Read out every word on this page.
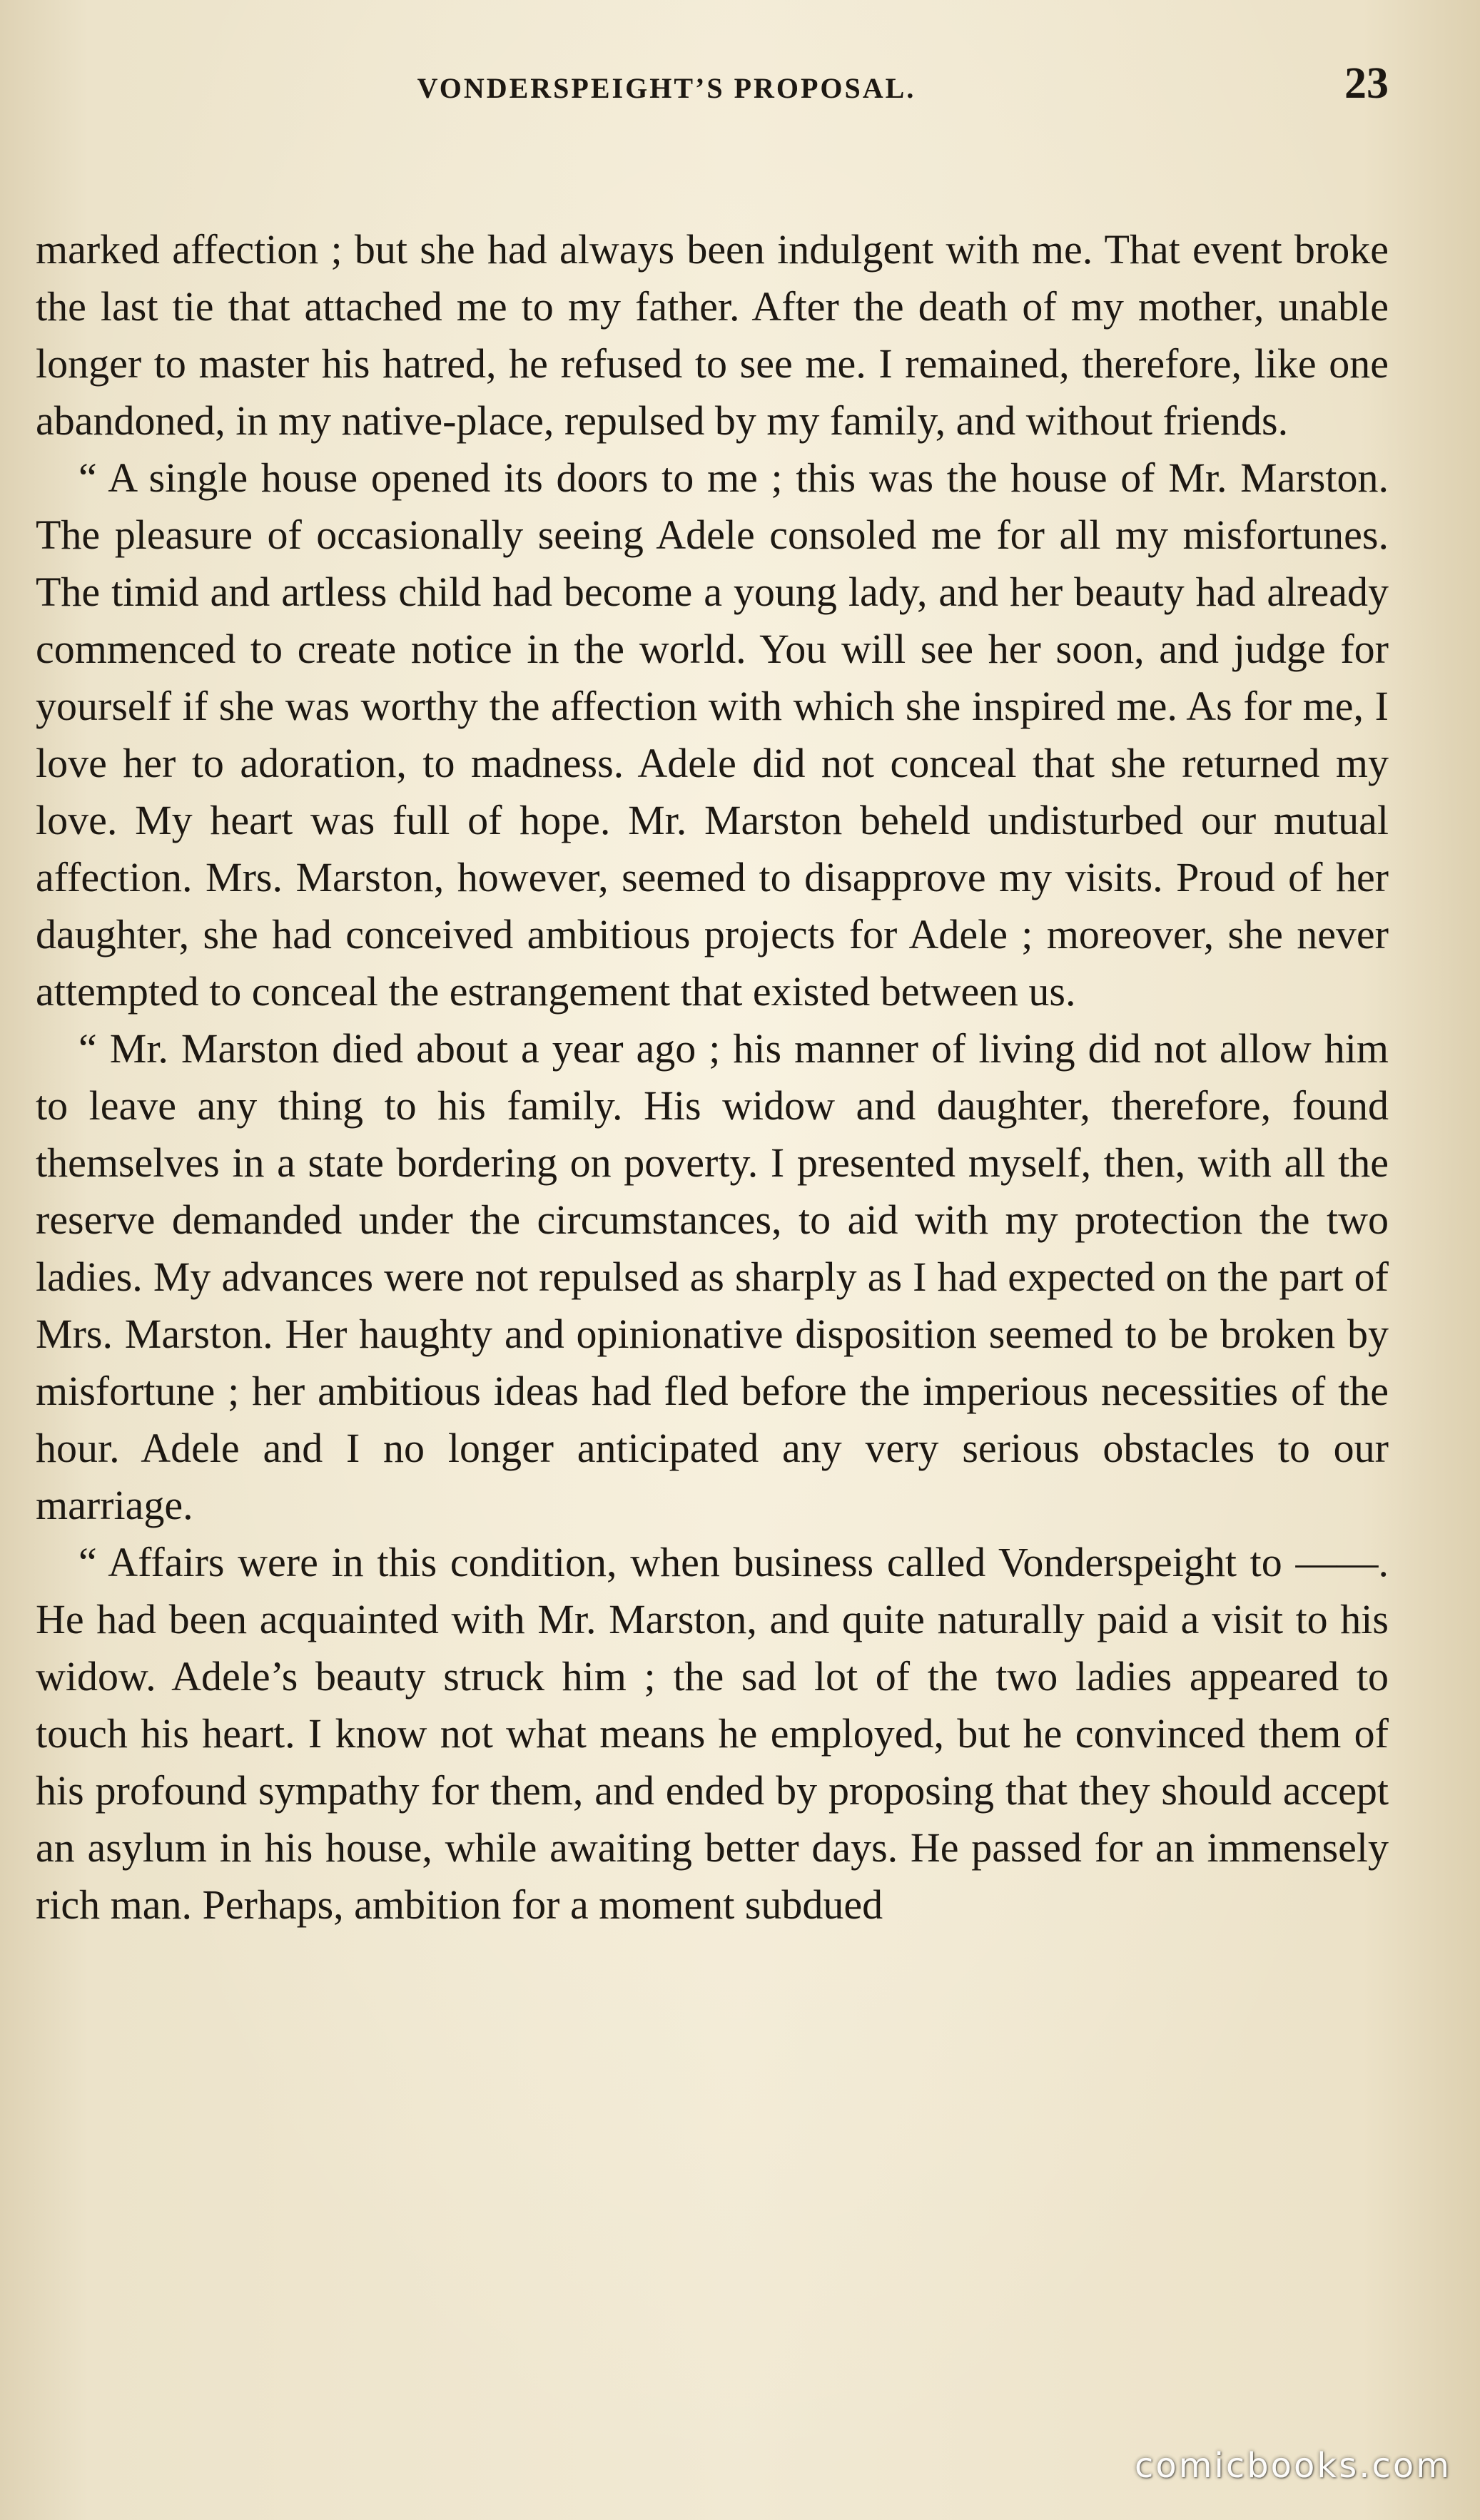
VONDERSPEIGHT’S PROPOSAL.	23

marked affection ; but she had always been indulgent with me. That event broke the last tie that attached me to my father. After the death of my mother, unable longer to master his hatred, he refused to see me. I remained, therefore, like one abandoned, in my native-place, repulsed by my family, and without friends.

“ A single house opened its doors to me ; this was the house of Mr. Marston. The pleasure of occasionally seeing Adele consoled me for all my misfortunes. The timid and artless child had become a young lady, and her beauty had already commenced to create notice in the world. You will see her soon, and judge for yourself if she was worthy the affection with which she inspired me. As for me, I love her to adoration, to madness. Adele did not conceal that she returned my love. My heart was full of hope. Mr. Marston beheld undisturbed our mutual affection. Mrs. Marston, however, seemed to disapprove my visits. Proud of her daughter, she had conceived ambitious projects for Adele ; moreover, she never attempted to conceal the estrangement that existed between us.

“ Mr. Marston died about a year ago ; his manner of living did not allow him to leave any thing to his family. His widow and daughter, therefore, found themselves in a state bordering on poverty. I presented myself, then, with all the reserve demanded under the circumstances, to aid with my protection the two ladies. My advances were not repulsed as sharply as I had expected on the part of Mrs. Marston. Her haughty and opinionative disposition seemed to be broken by misfortune ; her ambitious ideas had fled before the imperious necessities of the hour. Adele and I no longer anticipated any very serious obstacles to our marriage.

“ Affairs were in this condition, when business called Vonderspeight to ——. He had been acquainted with Mr. Marston, and quite naturally paid a visit to his widow. Adele’s beauty struck him ; the sad lot of the two ladies appeared to touch his heart. I know not what means he employed, but he convinced them of his profound sympathy for them, and ended by proposing that they should accept an asylum in his house, while awaiting better days. He passed for an immensely rich man. Perhaps, ambition for a moment subdued

comicbooks.com
